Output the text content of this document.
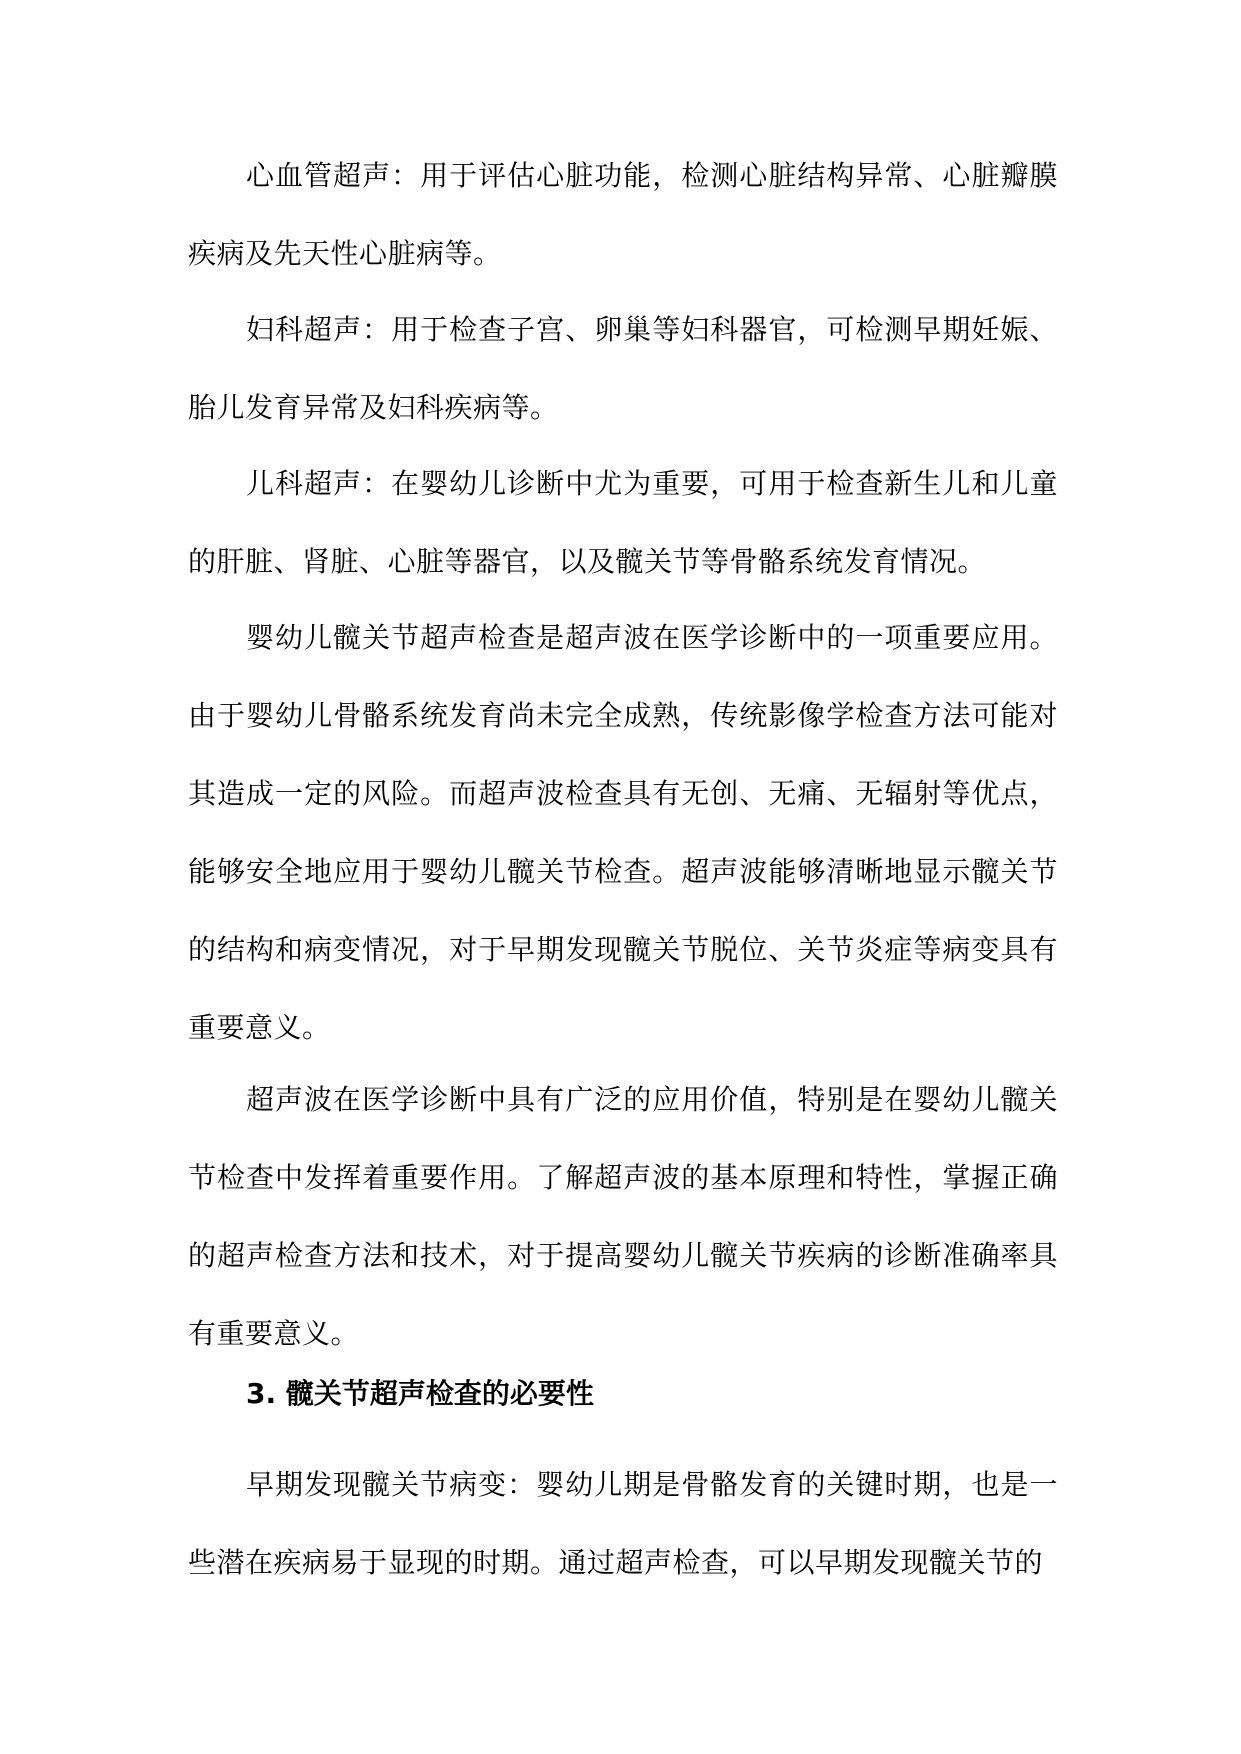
心血管超声：用于评估心脏功能，检测心脏结构异常、心脏瓣膜疾病及先天性心脏病等。

妇科超声：用于检查子宫、卵巢等妇科器官，可检测早期妊娠、胎儿发育异常及妇科疾病等。

儿科超声：在婴幼儿诊断中尤为重要，可用于检查新生儿和儿童的肝脏、肾脏、心脏等器官，以及髋关节等骨骼系统发育情况。

婴幼儿髋关节超声检查是超声波在医学诊断中的一项重要应用。由于婴幼儿骨骼系统发育尚未完全成熟，传统影像学检查方法可能对其造成一定的风险。而超声波检查具有无创、无痛、无辐射等优点，能够安全地应用于婴幼儿髋关节检查。超声波能够清晰地显示髋关节的结构和病变情况，对于早期发现髋关节脱位、关节炎症等病变具有重要意义。

超声波在医学诊断中具有广泛的应用价值，特别是在婴幼儿髋关节检查中发挥着重要作用。了解超声波的基本原理和特性，掌握正确的超声检查方法和技术，对于提高婴幼儿髋关节疾病的诊断准确率具有重要意义。

3. 髋关节超声检查的必要性

早期发现髋关节病变：婴幼儿期是骨骼发育的关键时期，也是一些潜在疾病易于显现的时期。通过超声检查，可以早期发现髋关节的
